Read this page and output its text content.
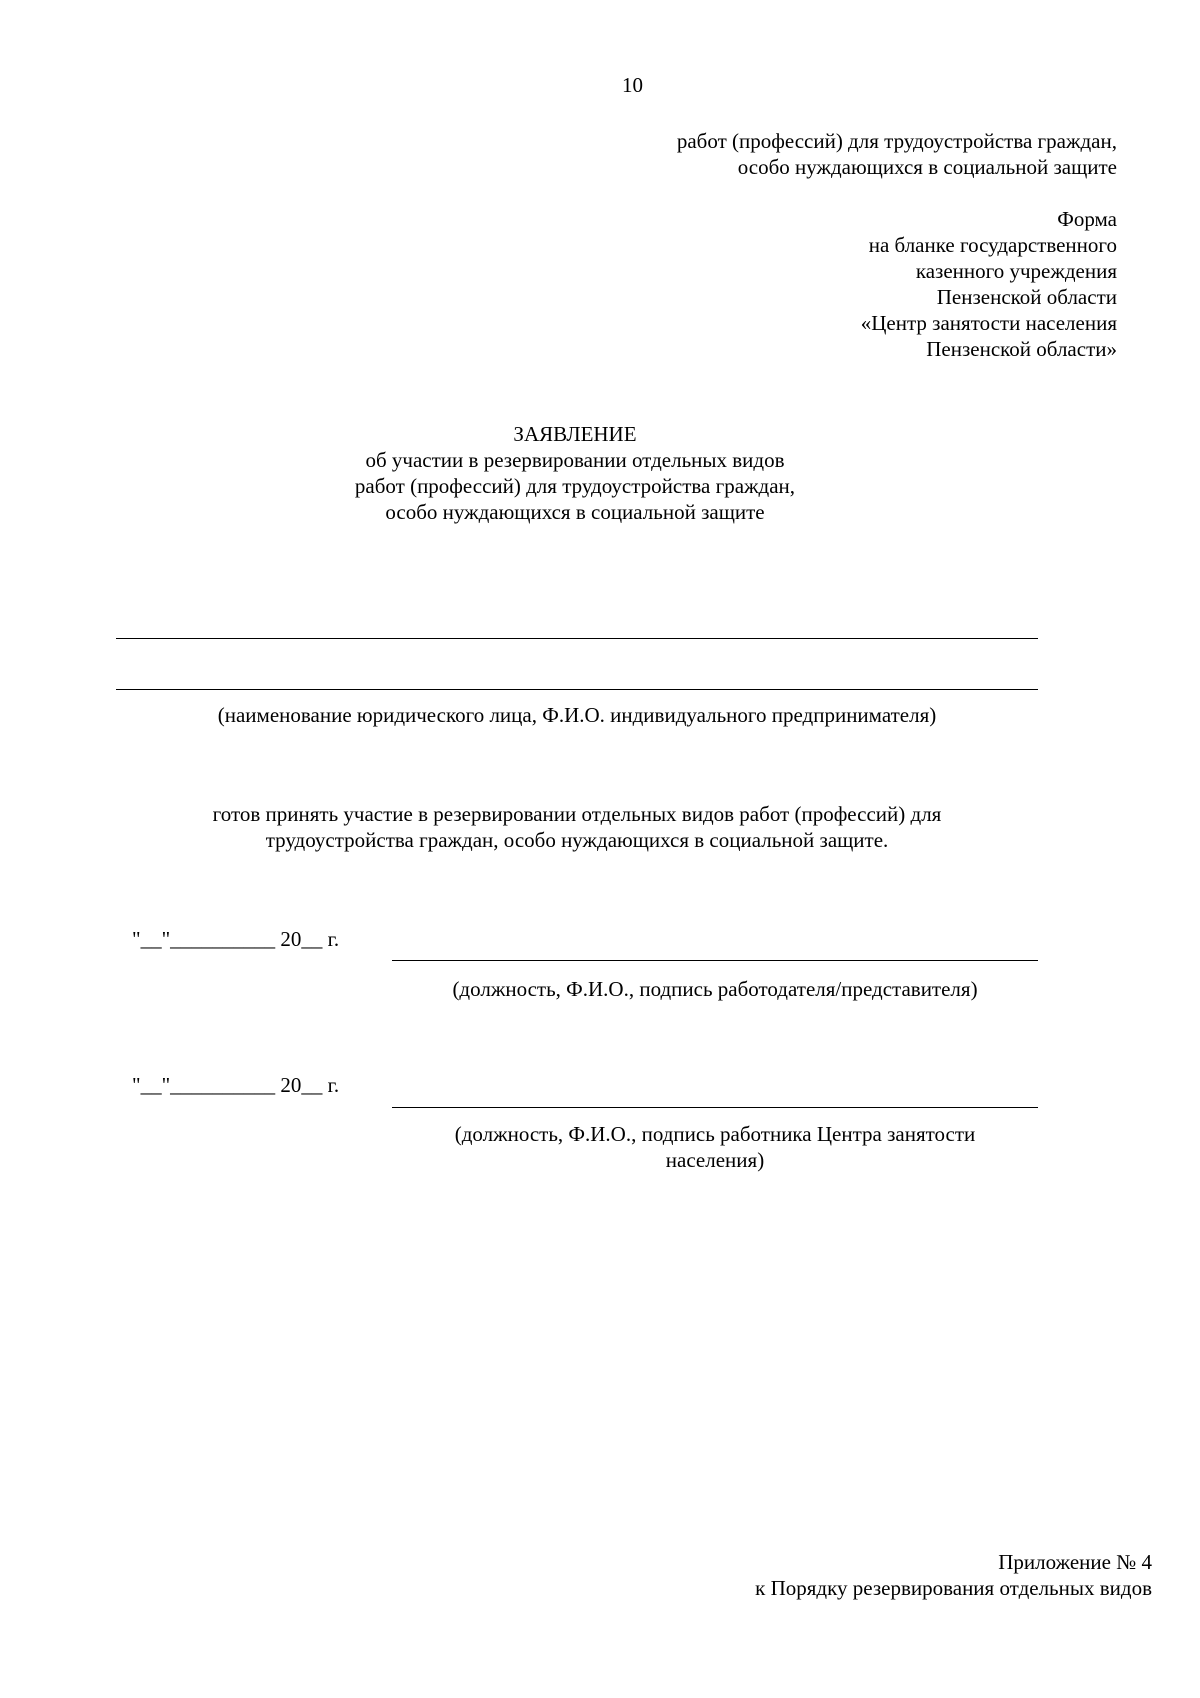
10
работ (профессий) для трудоустройства граждан,
особо нуждающихся в социальной защите
Форма
на бланке государственного
казенного учреждения
Пензенской области
«Центр занятости населения
Пензенской области»
ЗАЯВЛЕНИЕ
об участии в резервировании отдельных видов
работ (профессий) для трудоустройства граждан,
особо нуждающихся в социальной защите
(наименование юридического лица, Ф.И.О. индивидуального предпринимателя)
готов принять участие в резервировании отдельных видов работ (профессий) для
трудоустройства граждан, особо нуждающихся в социальной защите.
"__"__________ 20__ г.
(должность, Ф.И.О., подпись работодателя/представителя)
"__"__________ 20__ г.
(должность, Ф.И.О., подпись работника Центра занятости
населения)
Приложение № 4
к Порядку резервирования отдельных видов
